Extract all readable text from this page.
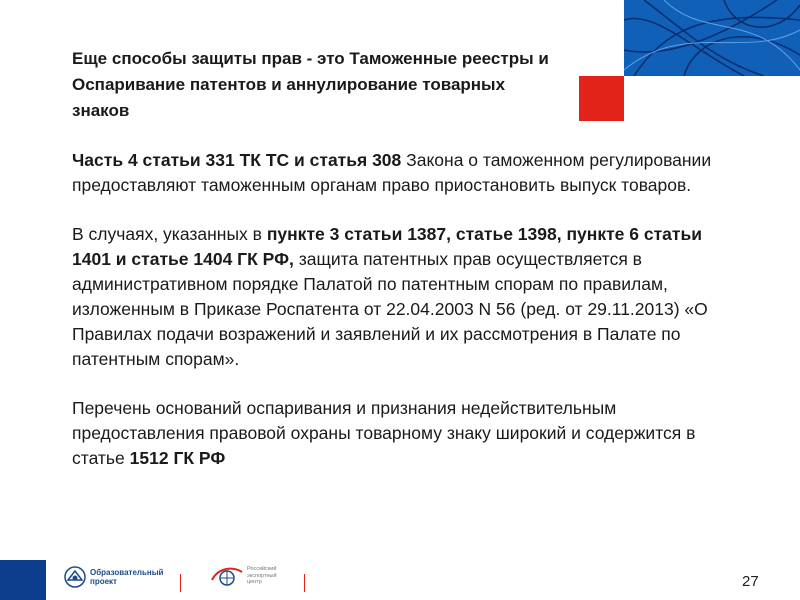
Еще способы защиты прав - это Таможенные реестры и
Оспаривание патентов и аннулирование товарных
знаков

Часть 4 статьи 331 ТК ТС и статья 308 Закона о таможенном регулировании предоставляют таможенным органам право приостановить выпуск товаров.

В случаях, указанных в пункте 3 статьи 1387, статье 1398, пункте 6 статьи 1401 и статье 1404 ГК РФ, защита патентных прав осуществляется в административном порядке Палатой по патентным спорам по правилам, изложенным в Приказе Роспатента от 22.04.2003 N 56 (ред. от 29.11.2013) «О Правилах подачи возражений и заявлений и их рассмотрения в Палате по патентным спорам».

Перечень оснований оспаривания и признания недействительным предоставления правовой охраны товарному знаку широкий и содержится в статье 1512 ГК РФ

Образовательный
проект
Российский
экспортный
центр	27
